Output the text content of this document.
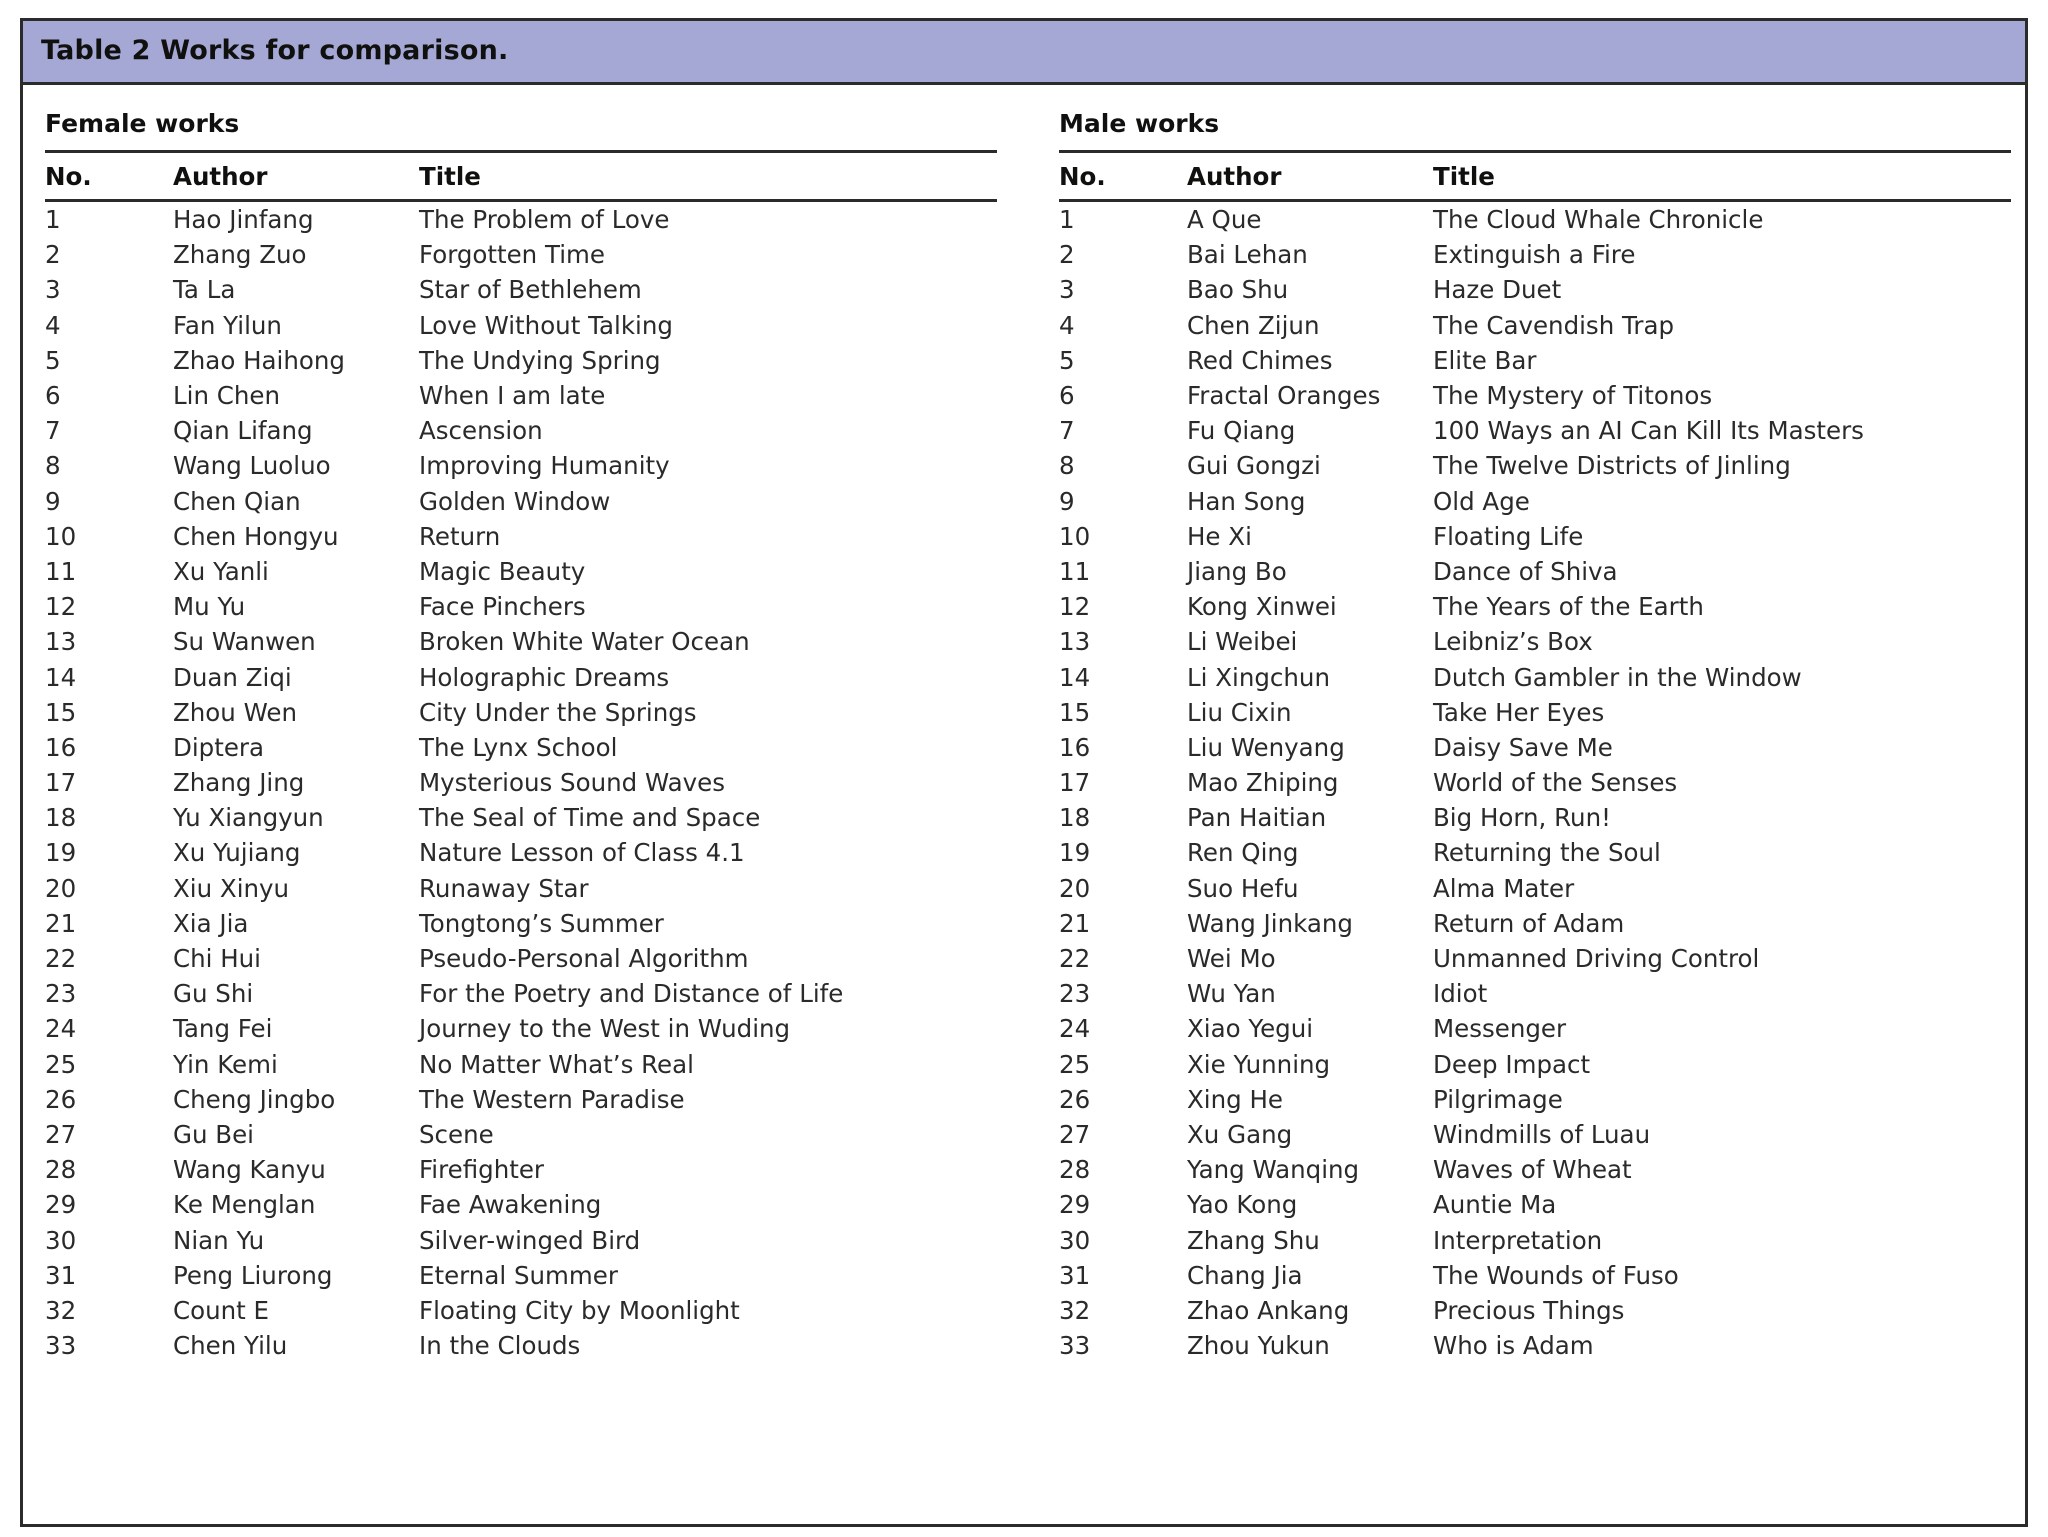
Table 2 Works for comparison.
Female works
No.	Author	Title
1	Hao Jinfang	The Problem of Love
2	Zhang Zuo	Forgotten Time
3	Ta La	Star of Bethlehem
4	Fan Yilun	Love Without Talking
5	Zhao Haihong	The Undying Spring
6	Lin Chen	When I am late
7	Qian Lifang	Ascension
8	Wang Luoluo	Improving Humanity
9	Chen Qian	Golden Window
10	Chen Hongyu	Return
11	Xu Yanli	Magic Beauty
12	Mu Yu	Face Pinchers
13	Su Wanwen	Broken White Water Ocean
14	Duan Ziqi	Holographic Dreams
15	Zhou Wen	City Under the Springs
16	Diptera	The Lynx School
17	Zhang Jing	Mysterious Sound Waves
18	Yu Xiangyun	The Seal of Time and Space
19	Xu Yujiang	Nature Lesson of Class 4.1
20	Xiu Xinyu	Runaway Star
21	Xia Jia	Tongtong’s Summer
22	Chi Hui	Pseudo-Personal Algorithm
23	Gu Shi	For the Poetry and Distance of Life
24	Tang Fei	Journey to the West in Wuding
25	Yin Kemi	No Matter What’s Real
26	Cheng Jingbo	The Western Paradise
27	Gu Bei	Scene
28	Wang Kanyu	Firefighter
29	Ke Menglan	Fae Awakening
30	Nian Yu	Silver-winged Bird
31	Peng Liurong	Eternal Summer
32	Count E	Floating City by Moonlight
33	Chen Yilu	In the Clouds
Male works
No.	Author	Title
1	A Que	The Cloud Whale Chronicle
2	Bai Lehan	Extinguish a Fire
3	Bao Shu	Haze Duet
4	Chen Zijun	The Cavendish Trap
5	Red Chimes	Elite Bar
6	Fractal Oranges	The Mystery of Titonos
7	Fu Qiang	100 Ways an AI Can Kill Its Masters
8	Gui Gongzi	The Twelve Districts of Jinling
9	Han Song	Old Age
10	He Xi	Floating Life
11	Jiang Bo	Dance of Shiva
12	Kong Xinwei	The Years of the Earth
13	Li Weibei	Leibniz’s Box
14	Li Xingchun	Dutch Gambler in the Window
15	Liu Cixin	Take Her Eyes
16	Liu Wenyang	Daisy Save Me
17	Mao Zhiping	World of the Senses
18	Pan Haitian	Big Horn, Run!
19	Ren Qing	Returning the Soul
20	Suo Hefu	Alma Mater
21	Wang Jinkang	Return of Adam
22	Wei Mo	Unmanned Driving Control
23	Wu Yan	Idiot
24	Xiao Yegui	Messenger
25	Xie Yunning	Deep Impact
26	Xing He	Pilgrimage
27	Xu Gang	Windmills of Luau
28	Yang Wanqing	Waves of Wheat
29	Yao Kong	Auntie Ma
30	Zhang Shu	Interpretation
31	Chang Jia	The Wounds of Fuso
32	Zhao Ankang	Precious Things
33	Zhou Yukun	Who is Adam
